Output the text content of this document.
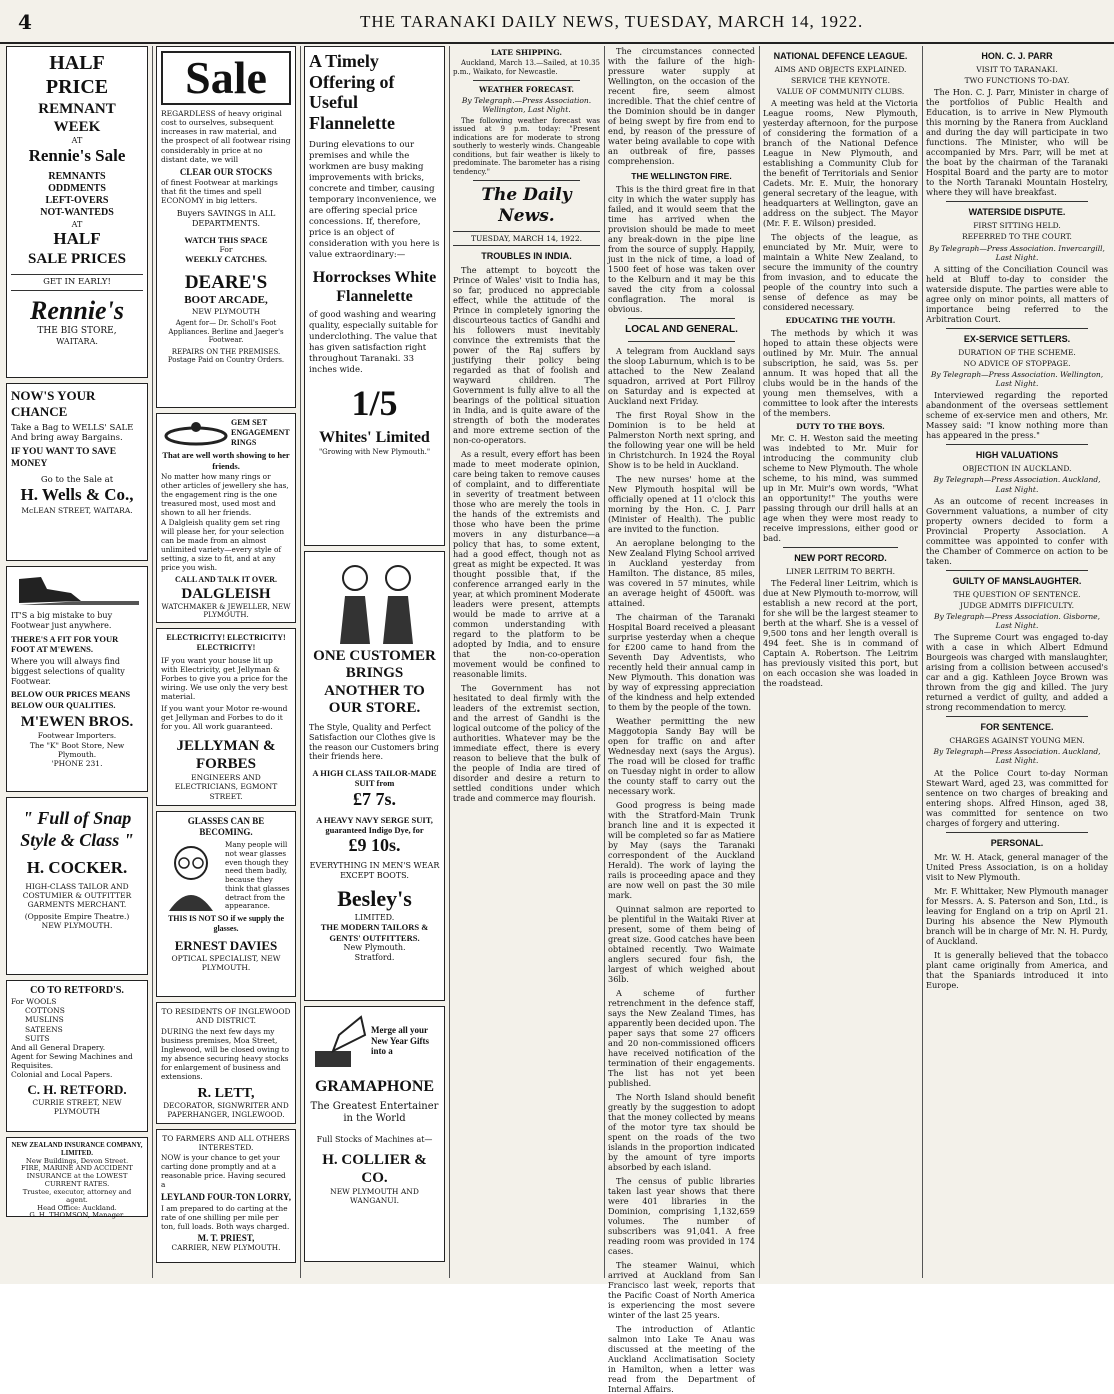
4	THE TARANAKI DAILY NEWS, TUESDAY, MARCH 14, 1922.
HALF
PRICE
REMNANT
WEEK
AT
Rennie's Sale
REMNANTS
ODDMENTS
LEFT-OVERS
NOT-WANTEDS
AT
HALF
SALE PRICES
GET IN EARLY!
Rennie's
THE BIG STORE,
WAITARA.
NOW'S YOUR CHANCE
Take a Bag to WELLS' SALE
And bring away Bargains.
IF YOU WANT TO SAVE MONEY
Go to the Sale at
H. Wells & Co.,
McLEAN STREET, WAITARA.
IT'S a big mistake to buy Footwear just anywhere.
THERE'S A FIT FOR YOUR FOOT AT M'EWENS.
Where you will always find biggest selections of quality Footwear.
BELOW OUR PRICES MEANS BELOW OUR QUALITIES.
M'EWEN BROS.
Footwear Importers.
The "K" Boot Store, New Plymouth.
'PHONE 231.
" Full of Snap
Style & Class "
H. COCKER.
HIGH-CLASS TAILOR AND COSTUMIER & OUTFITTER GARMENTS MERCHANT.
(Opposite Empire Theatre.)
NEW PLYMOUTH.
CO TO RETFORD'S.
For WOOLS
COTTONS
MUSLINS
SATEENS
SUITS
And all General Drapery.
Agent for Sewing Machines and Requisites.
Colonial and Local Papers.
C. H. RETFORD.
CURRIE STREET, NEW PLYMOUTH
NEW ZEALAND INSURANCE COMPANY, LIMITED.
New Buildings, Devon Street.
FIRE, MARINE AND ACCIDENT INSURANCE at the LOWEST CURRENT RATES.
Trustee, executor, attorney and agent.
Head Office: Auckland.
G. H. THOMSON, Manager.
Sale
REGARDLESS of heavy original cost to ourselves, subsequent increases in raw material, and the prospect of all footwear rising considerably in price at no distant date, we will
CLEAR OUR STOCKS
of finest Footwear at markings that fit the times and spell ECONOMY in big letters.
Buyers SAVINGS in ALL DEPARTMENTS.
WATCH THIS SPACE
For
WEEKLY CATCHES.
DEARE'S
BOOT ARCADE,
NEW PLYMOUTH
Agent for— Dr. Scholl's Foot Appliances. Berline and Jaeger's Footwear.
REPAIRS ON THE PREMISES. Postage Paid on Country Orders.
GEM SET ENGAGEMENT RINGS
That are well worth showing to her friends.
No matter how many rings or other articles of jewellery she has, the engagement ring is the one treasured most, used most and shown to all her friends.
A Dalgleish quality gem set ring will please her, for your selection can be made from an almost unlimited variety—every style of setting, a size to fit, and at any price you wish.
CALL AND TALK IT OVER.
DALGLEISH
WATCHMAKER & JEWELLER, NEW PLYMOUTH.
ELECTRICITY! ELECTRICITY! ELECTRICITY!
IF you want your house lit up with Electricity, get Jellyman & Forbes to give you a price for the wiring. We use only the very best material.
If you want your Motor re-wound get Jellyman and Forbes to do it for you. All work guaranteed.
JELLYMAN & FORBES
ENGINEERS AND ELECTRICIANS, EGMONT STREET.
GLASSES CAN BE BECOMING.
Many people will not wear glasses even though they need them badly, because they think that glasses detract from the appearance.
THIS IS NOT SO if we supply the glasses.
ERNEST DAVIES
OPTICAL SPECIALIST, NEW PLYMOUTH.
TO RESIDENTS OF INGLEWOOD AND DISTRICT.
DURING the next few days my business premises, Moa Street, Inglewood, will be closed owing to my absence securing heavy stocks for enlargement of business and extensions.
R. LETT,
DECORATOR, SIGNWRITER AND PAPERHANGER, INGLEWOOD.
TO FARMERS AND ALL OTHERS INTERESTED.
NOW is your chance to get your carting done promptly and at a reasonable price. Having secured a
LEYLAND FOUR-TON LORRY,
I am prepared to do carting at the rate of one shilling per mile per ton, full loads. Both ways charged.
M. T. PRIEST,
CARRIER, NEW PLYMOUTH.
A Timely Offering of Useful Flannelette
During elevations to our premises and while the workmen are busy making improvements with bricks, concrete and timber, causing temporary inconvenience, we are offering special price concessions. If, therefore, price is an object of consideration with you here is value extraordinary:—
Horrockses White Flannelette
of good washing and wearing quality, especially suitable for underclothing. The value that has given satisfaction right throughout Taranaki. 33 inches wide.
1/5
Whites' Limited
"Growing with New Plymouth."
ONE CUSTOMER BRINGS ANOTHER TO OUR STORE.
The Style, Quality and Perfect Satisfaction our Clothes give is the reason our Customers bring their friends here.
A HIGH CLASS TAILOR-MADE SUIT from
£7 7s.
A HEAVY NAVY SERGE SUIT, guaranteed Indigo Dye, for
£9 10s.
EVERYTHING IN MEN'S WEAR EXCEPT BOOTS.
Besley's
LIMITED.
THE MODERN TAILORS & GENTS' OUTFITTERS.
New Plymouth.
Stratford.
Merge all your New Year Gifts into a
GRAMAPHONE
The Greatest Entertainer in the World
Full Stocks of Machines at—
H. COLLIER & CO.
NEW PLYMOUTH AND WANGANUI.
LATE SHIPPING.

Auckland, March 13.—Sailed, at 10.35 p.m., Waikato, for Newcastle.

WEATHER FORECAST.
By Telegraph.—Press Association. Wellington, Last Night.

The following weather forecast was issued at 9 p.m. today: "Present indications are for moderate to strong southerly to westerly winds. Changeable conditions, but fair weather is likely to predominate. The barometer has a rising tendency."

The Daily News.
TUESDAY, MARCH 14, 1922.
TROUBLES IN INDIA.

The attempt to boycott the Prince of Wales' visit to India has, so far, produced no appreciable effect, while the attitude of the Prince in completely ignoring the discourteous tactics of Gandhi and his followers must inevitably convince the extremists that the power of the Raj suffers by justifying their policy being regarded as that of foolish and wayward children. The Government is fully alive to all the bearings of the political situation in India, and is quite aware of the strength of both the moderates and more extreme section of the non-co-operators.

As a result, every effort has been made to meet moderate opinion, care being taken to remove causes of complaint, and to differentiate in severity of treatment between those who are merely the tools in the hands of the extremists and those who have been the prime movers in any disturbance—a policy that has, to some extent, had a good effect, though not as great as might be expected. It was thought possible that, if the conference arranged early in the year, at which prominent Moderate leaders were present, attempts would be made to arrive at a common understanding with regard to the platform to be adopted by India, and to ensure that the non-co-operation movement would be confined to reasonable limits.

The Government has not hesitated to deal firmly with the leaders of the extremist section, and the arrest of Gandhi is the logical outcome of the policy of the authorities. Whatever may be the immediate effect, there is every reason to believe that the bulk of the people of India are tired of disorder and desire a return to settled conditions under which trade and commerce may flourish.

The circumstances connected with the failure of the high-pressure water supply at Wellington, on the occasion of the recent fire, seem almost incredible. That the chief centre of the Dominion should be in danger of being swept by fire from end to end, by reason of the pressure of water being available to cope with an outbreak of fire, passes comprehension.

THE WELLINGTON FIRE.

This is the third great fire in that city in which the water supply has failed, and it would seem that the time has arrived when the provision should be made to meet any break-down in the pipe line from the source of supply. Happily, just in the nick of time, a load of 1500 feet of hose was taken over to the Kelburn and it may be this saved the city from a colossal conflagration. The moral is obvious.

LOCAL AND GENERAL.

A telegram from Auckland says the sloop Laburnum, which is to be attached to the New Zealand squadron, arrived at Port Fillroy on Saturday and is expected at Auckland next Friday.

The first Royal Show in the Dominion is to be held at Palmerston North next spring, and the following year one will be held in Christchurch. In 1924 the Royal Show is to be held in Auckland.

The new nurses' home at the New Plymouth hospital will be officially opened at 11 o'clock this morning by the Hon. C. J. Parr (Minister of Health). The public are invited to the function.

An aeroplane belonging to the New Zealand Flying School arrived in Auckland yesterday from Hamilton. The distance, 85 miles, was covered in 57 minutes, while an average height of 4500ft. was attained.

The chairman of the Taranaki Hospital Board received a pleasant surprise yesterday when a cheque for £200 came to hand from the Seventh Day Adventists, who recently held their annual camp in New Plymouth. This donation was by way of expressing appreciation of the kindness and help extended to them by the people of the town.

Weather permitting the new Maggotopia Sandy Bay will be open for traffic on and after Wednesday next (says the Argus). The road will be closed for traffic on Tuesday night in order to allow the county staff to carry out the necessary work.

Good progress is being made with the Stratford-Main Trunk branch line and it is expected it will be completed so far as Matiere by May (says the Taranaki correspondent of the Auckland Herald). The work of laying the rails is proceeding apace and they are now well on past the 30 mile mark.

Quinnat salmon are reported to be plentiful in the Waitaki River at present, some of them being of great size. Good catches have been obtained recently. Two Waimate anglers secured four fish, the largest of which weighed about 36lb.

A scheme of further retrenchment in the defence staff, says the New Zealand Times, has apparently been decided upon. The paper says that some 27 officers and 20 non-commissioned officers have received notification of the termination of their engagements. The list has not yet been published.

The North Island should benefit greatly by the suggestion to adopt that the money collected by means of the motor tyre tax should be spent on the roads of the two islands in the proportion indicated by the amount of tyre imports absorbed by each island.

The census of public libraries taken last year shows that there were 401 libraries in the Dominion, comprising 1,132,659 volumes. The number of subscribers was 91,041. A free reading room was provided in 174 cases.

The steamer Wainui, which arrived at Auckland from San Francisco last week, reports that the Pacific Coast of North America is experiencing the most severe winter of the last 25 years.

The introduction of Atlantic salmon into Lake Te Anau was discussed at the meeting of the Auckland Acclimatisation Society in Hamilton, when a letter was read from the Department of Internal Affairs.

NATIONAL DEFENCE LEAGUE.
AIMS AND OBJECTS EXPLAINED.
SERVICE THE KEYNOTE.
VALUE OF COMMUNITY CLUBS.

A meeting was held at the Victoria League rooms, New Plymouth, yesterday afternoon, for the purpose of considering the formation of a branch of the National Defence League in New Plymouth, and establishing a Community Club for the benefit of Territorials and Senior Cadets. Mr. E. Muir, the honorary general secretary of the league, with headquarters at Wellington, gave an address on the subject. The Mayor (Mr. F. E. Wilson) presided.

The objects of the league, as enunciated by Mr. Muir, were to maintain a White New Zealand, to secure the immunity of the country from invasion, and to educate the people of the country into such a sense of defence as may be considered necessary.

EDUCATING THE YOUTH.

The methods by which it was hoped to attain these objects were outlined by Mr. Muir. The annual subscription, he said, was 5s. per annum. It was hoped that all the clubs would be in the hands of the young men themselves, with a committee to look after the interests of the members.

DUTY TO THE BOYS.

Mr. C. H. Weston said the meeting was indebted to Mr. Muir for introducing the community club scheme to New Plymouth. The whole scheme, to his mind, was summed up in Mr. Muir's own words, "What an opportunity!" The youths were passing through our drill halls at an age when they were most ready to receive impressions, either good or bad.

NEW PORT RECORD.
LINER LEITRIM TO BERTH.

The Federal liner Leitrim, which is due at New Plymouth to-morrow, will establish a new record at the port, for she will be the largest steamer to berth at the wharf. She is a vessel of 9,500 tons and her length overall is 494 feet. She is in command of Captain A. Robertson. The Leitrim has previously visited this port, but on each occasion she was loaded in the roadstead.

HON. C. J. PARR
VISIT TO TARANAKI.
TWO FUNCTIONS TO-DAY.

The Hon. C. J. Parr, Minister in charge of the portfolios of Public Health and Education, is to arrive in New Plymouth this morning by the Ranera from Auckland and during the day will participate in two functions. The Minister, who will be accompanied by Mrs. Parr, will be met at the boat by the chairman of the Taranaki Hospital Board and the party are to motor to the North Taranaki Mountain Hostelry, where they will have breakfast.

WATERSIDE DISPUTE.
FIRST SITTING HELD.
REFERRED TO THE COURT.
By Telegraph—Press Association. Invercargill, Last Night.

A sitting of the Conciliation Council was held at Bluff to-day to consider the waterside dispute. The parties were able to agree only on minor points, all matters of importance being referred to the Arbitration Court.

EX-SERVICE SETTLERS.
DURATION OF THE SCHEME.
NO ADVICE OF STOPPAGE.
By Telegraph—Press Association. Wellington, Last Night.

Interviewed regarding the reported abandonment of the overseas settlement scheme of ex-service men and others, Mr. Massey said: "I know nothing more than has appeared in the press."

HIGH VALUATIONS
OBJECTION IN AUCKLAND.
By Telegraph—Press Association. Auckland, Last Night.

As an outcome of recent increases in Government valuations, a number of city property owners decided to form a Provincial Property Association. A committee was appointed to confer with the Chamber of Commerce on action to be taken.

GUILTY OF MANSLAUGHTER.
THE QUESTION OF SENTENCE.
JUDGE ADMITS DIFFICULTY.
By Telegraph—Press Association. Gisborne, Last Night.

The Supreme Court was engaged to-day with a case in which Albert Edmund Bourgeois was charged with manslaughter, arising from a collision between accused's car and a gig. Kathleen Joyce Brown was thrown from the gig and killed. The jury returned a verdict of guilty, and added a strong recommendation to mercy.

FOR SENTENCE.
CHARGES AGAINST YOUNG MEN.
By Telegraph—Press Association. Auckland, Last Night.

At the Police Court to-day Norman Stewart Ward, aged 23, was committed for sentence on two charges of breaking and entering shops. Alfred Hinson, aged 38, was committed for sentence on two charges of forgery and uttering.

PERSONAL.

Mr. W. H. Atack, general manager of the United Press Association, is on a holiday visit to New Plymouth.

Mr. F. Whittaker, New Plymouth manager for Messrs. A. S. Paterson and Son, Ltd., is leaving for England on a trip on April 21. During his absence the New Plymouth branch will be in charge of Mr. N. H. Purdy, of Auckland.

It is generally believed that the tobacco plant came originally from America, and that the Spaniards introduced it into Europe.
